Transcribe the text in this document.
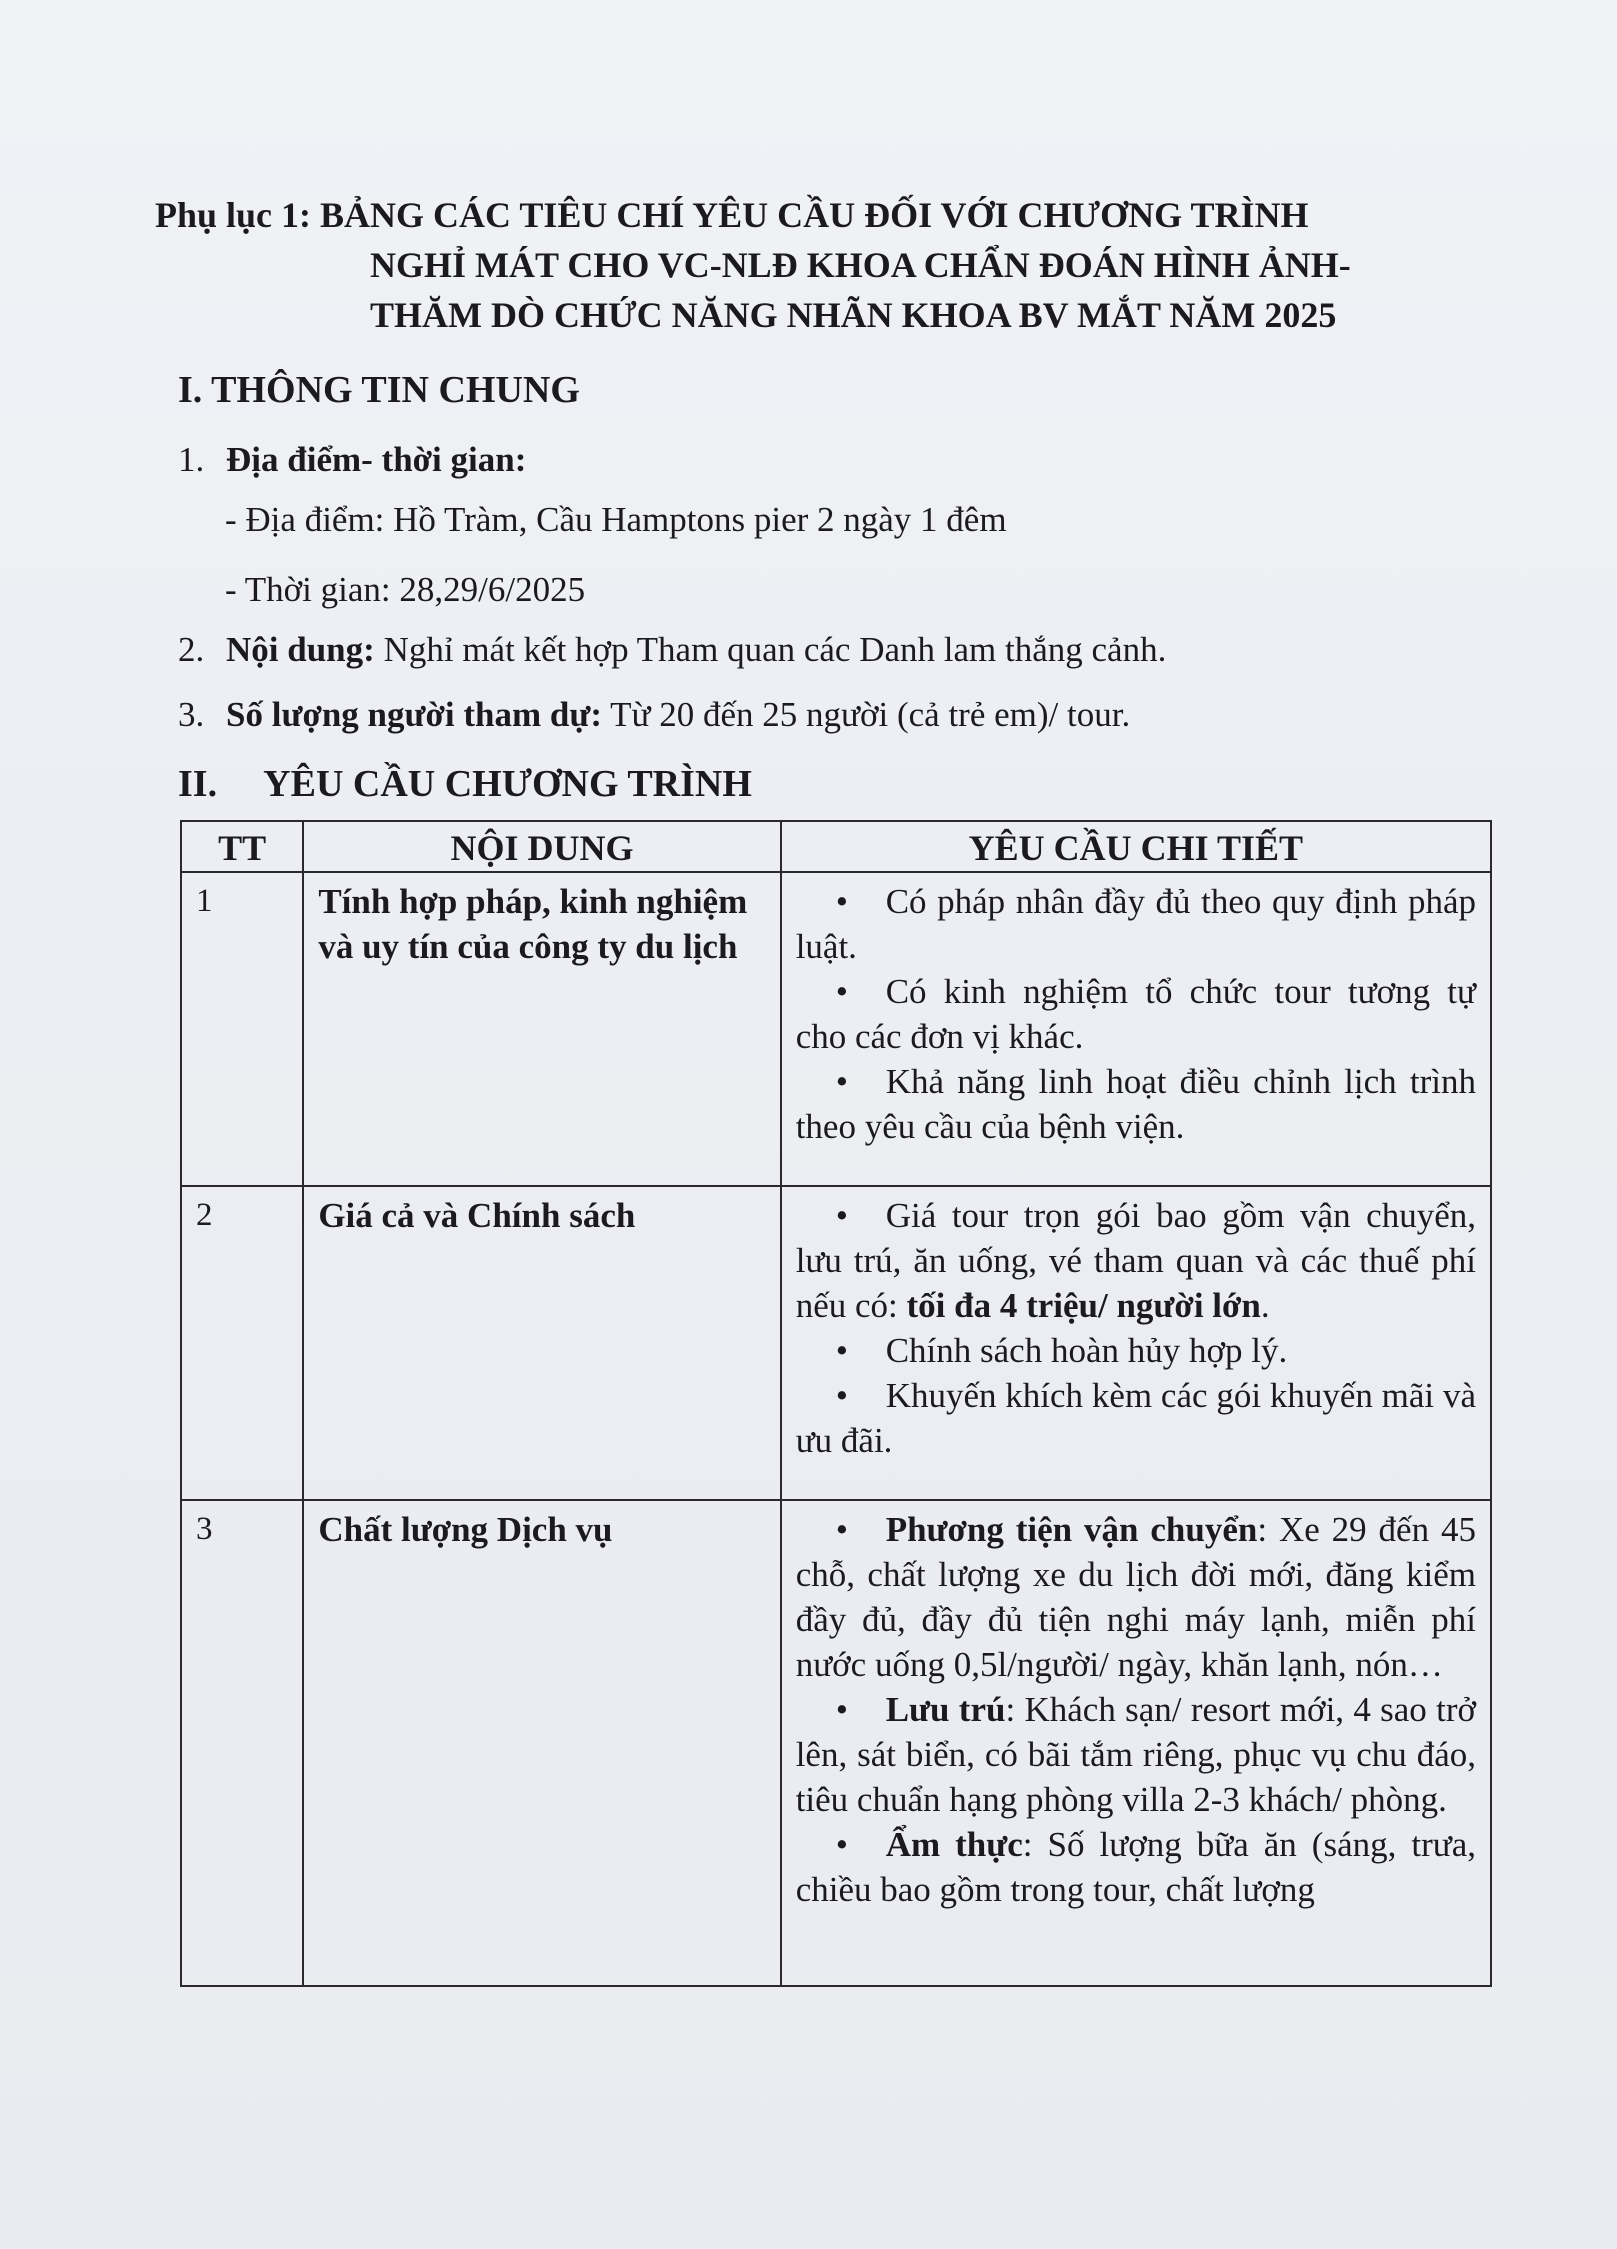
Phụ lục 1: BẢNG CÁC TIÊU CHÍ YÊU CẦU ĐỐI VỚI CHƯƠNG TRÌNH
NGHỈ MÁT CHO VC-NLĐ KHOA CHẨN ĐOÁN HÌNH ẢNH-
THĂM DÒ CHỨC NĂNG NHÃN KHOA BV MẮT NĂM 2025
I. THÔNG TIN CHUNG
1. Địa điểm- thời gian:
- Địa điểm: Hồ Tràm, Cầu Hamptons pier 2 ngày 1 đêm
- Thời gian: 28,29/6/2025
2. Nội dung: Nghỉ mát kết hợp Tham quan các Danh lam thắng cảnh.
3. Số lượng người tham dự: Từ 20 đến 25 người (cả trẻ em)/ tour.
II.     YÊU CẦU CHƯƠNG TRÌNH
TT	NỘI DUNG	YÊU CẦU CHI TIẾT
1	Tính hợp pháp, kinh nghiệm và uy tín của công ty du lịch	• Có pháp nhân đầy đủ theo quy định pháp luật.
• Có kinh nghiệm tổ chức tour tương tự cho các đơn vị khác.
• Khả năng linh hoạt điều chỉnh lịch trình theo yêu cầu của bệnh viện.

2	Giá cả và Chính sách	• Giá tour trọn gói bao gồm vận chuyển, lưu trú, ăn uống, vé tham quan và các thuế phí nếu có: tối đa 4 triệu/ người lớn.
• Chính sách hoàn hủy hợp lý.
• Khuyến khích kèm các gói khuyến mãi và ưu đãi.

3	Chất lượng Dịch vụ	• Phương tiện vận chuyển: Xe 29 đến 45 chỗ, chất lượng xe du lịch đời mới, đăng kiểm đầy đủ, đầy đủ tiện nghi máy lạnh, miễn phí nước uống 0,5l/người/ ngày, khăn lạnh, nón…
• Lưu trú: Khách sạn/ resort mới, 4 sao trở lên, sát biển, có bãi tắm riêng, phục vụ chu đáo, tiêu chuẩn hạng phòng villa 2-3 khách/ phòng.
• Ẩm thực: Số lượng bữa ăn (sáng, trưa, chiều bao gồm trong tour, chất lượng
